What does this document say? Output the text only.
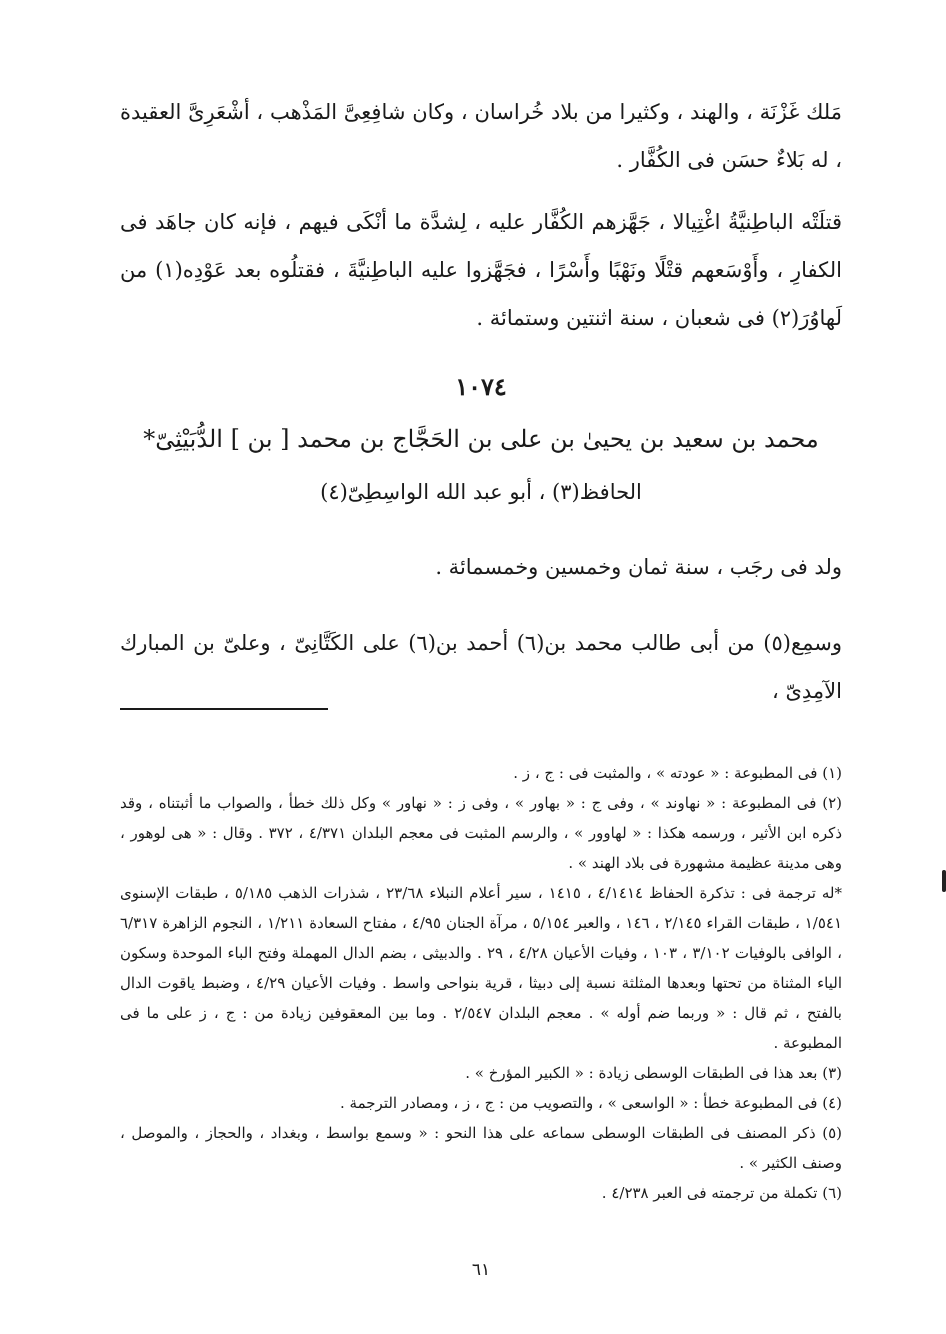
مَلك غَزْنَة ، والهند ، وكثيرا من بلاد خُراسان ، وكان شافِعِىَّ المَذْهب ، أشْعَرِىَّ العقيدة ، له بَلاءٌ حسَن فى الكُفَّار .

قتلَتْه الباطِنيَّةُ اغْتِيالا ، جَهَّزهم الكُفَّار عليه ، لِشدَّة ما أنْكَى فيهم ، فإنه كان جاهَد فى الكفارِ ، وأَوْسَعهم قتْلًا ونَهْبًا وأَسْرًا ، فجَهَّزوا عليه الباطِنيَّةَ ، فقتلُوه بعد عَوْدِه(١) من لَهاوُرَ(٢) فى شعبان ، سنة اثنتين وستمائة .

١٠٧٤

محمد بن سعيد بن يحيىٰ بن على بن الحَجَّاج بن محمد [ بن ] الدُّبَيْثِىّ*

الحافظ(٣) ، أبو عبد الله الواسِطِىّ(٤)

ولد فى رجَب ، سنة ثمان وخمسين وخمسمائة .

وسمِع(٥) من أبى طالب محمد بن(٦) أحمد بن(٦) على الكَتَّانِىّ ، وعلىّ بن المبارك الآمِدِىّ ،

(١) فى المطبوعة : « عودته » ، والمثبت فى : ج ، ز .

(٢) فى المطبوعة : « نهاوند » ، وفى ج : « بهاور » ، وفى ز : « نهاور » وكل ذلك خطأ ، والصواب ما أثبتناه ، وقد ذكره ابن الأثير ، ورسمه هكذا : « لهاوور » ، والرسم المثبت فى معجم البلدان ٤/٣٧١ ، ٣٧٢ . وقال : « هى لوهور ، وهى مدينة عظيمة مشهورة فى بلاد الهند » .

*له ترجمة فى : تذكرة الحفاظ ٤/١٤١٤ ، ١٤١٥ ، سير أعلام النبلاء ٢٣/٦٨ ، شذرات الذهب ٥/١٨٥ ، طبقات الإسنوى ١/٥٤١ ، طبقات القراء ٢/١٤٥ ، ١٤٦ ، والعبر ٥/١٥٤ ، مرآة الجنان ٤/٩٥ ، مفتاح السعادة ١/٢١١ ، النجوم الزاهرة ٦/٣١٧ ، الوافى بالوفيات ٣/١٠٢ ، ١٠٣ ، وفيات الأعيان ٤/٢٨ ، ٢٩ . والدبيثى ، بضم الدال المهملة وفتح الباء الموحدة وسكون الياء المثناة من تحتها وبعدها المثلثة نسبة إلى دبيثا ، قرية بنواحى واسط . وفيات الأعيان ٤/٢٩ ، وضبط ياقوت الدال بالفتح ، ثم قال : « وربما ضم أوله » . معجم البلدان ٢/٥٤٧ . وما بين المعقوفين زيادة من : ج ، ز على ما فى المطبوعة .

(٣) بعد هذا فى الطبقات الوسطى زيادة : « الكبير المؤرخ » .

(٤) فى المطبوعة خطأ : « الواسعى » ، والتصويب من : ج ، ز ، ومصادر الترجمة .

(٥) ذكر المصنف فى الطبقات الوسطى سماعه على هذا النحو : « وسمع بواسط ، وبغداد ، والحجاز ، والموصل ، وصنف الكثير » .

(٦) تكملة من ترجمته فى العبر ٤/٢٣٨ .

٦١
